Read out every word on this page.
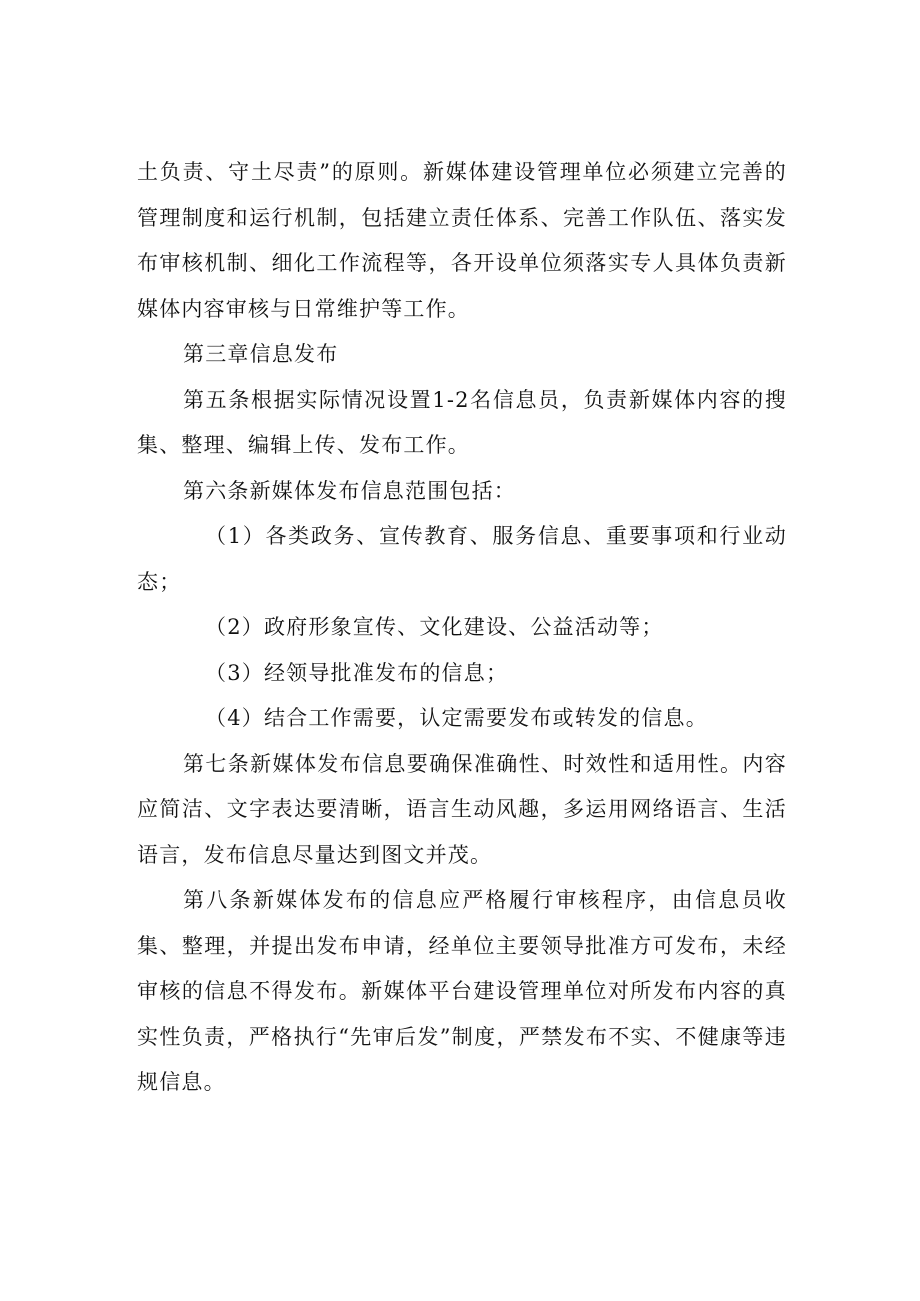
土负责、守土尽责”的原则。新媒体建设管理单位必须建立完善的管理制度和运行机制，包括建立责任体系、完善工作队伍、落实发布审核机制、细化工作流程等，各开设单位须落实专人具体负责新媒体内容审核与日常维护等工作。

第三章信息发布

第五条根据实际情况设置1-2名信息员，负责新媒体内容的搜集、整理、编辑上传、发布工作。

第六条新媒体发布信息范围包括：

（1）各类政务、宣传教育、服务信息、重要事项和行业动态；

（2）政府形象宣传、文化建设、公益活动等；

（3）经领导批准发布的信息；

（4）结合工作需要，认定需要发布或转发的信息。

第七条新媒体发布信息要确保准确性、时效性和适用性。内容应简洁、文字表达要清晰，语言生动风趣，多运用网络语言、生活语言，发布信息尽量达到图文并茂。

第八条新媒体发布的信息应严格履行审核程序，由信息员收集、整理，并提出发布申请，经单位主要领导批准方可发布，未经审核的信息不得发布。新媒体平台建设管理单位对所发布内容的真实性负责，严格执行“先审后发”制度，严禁发布不实、不健康等违规信息。
